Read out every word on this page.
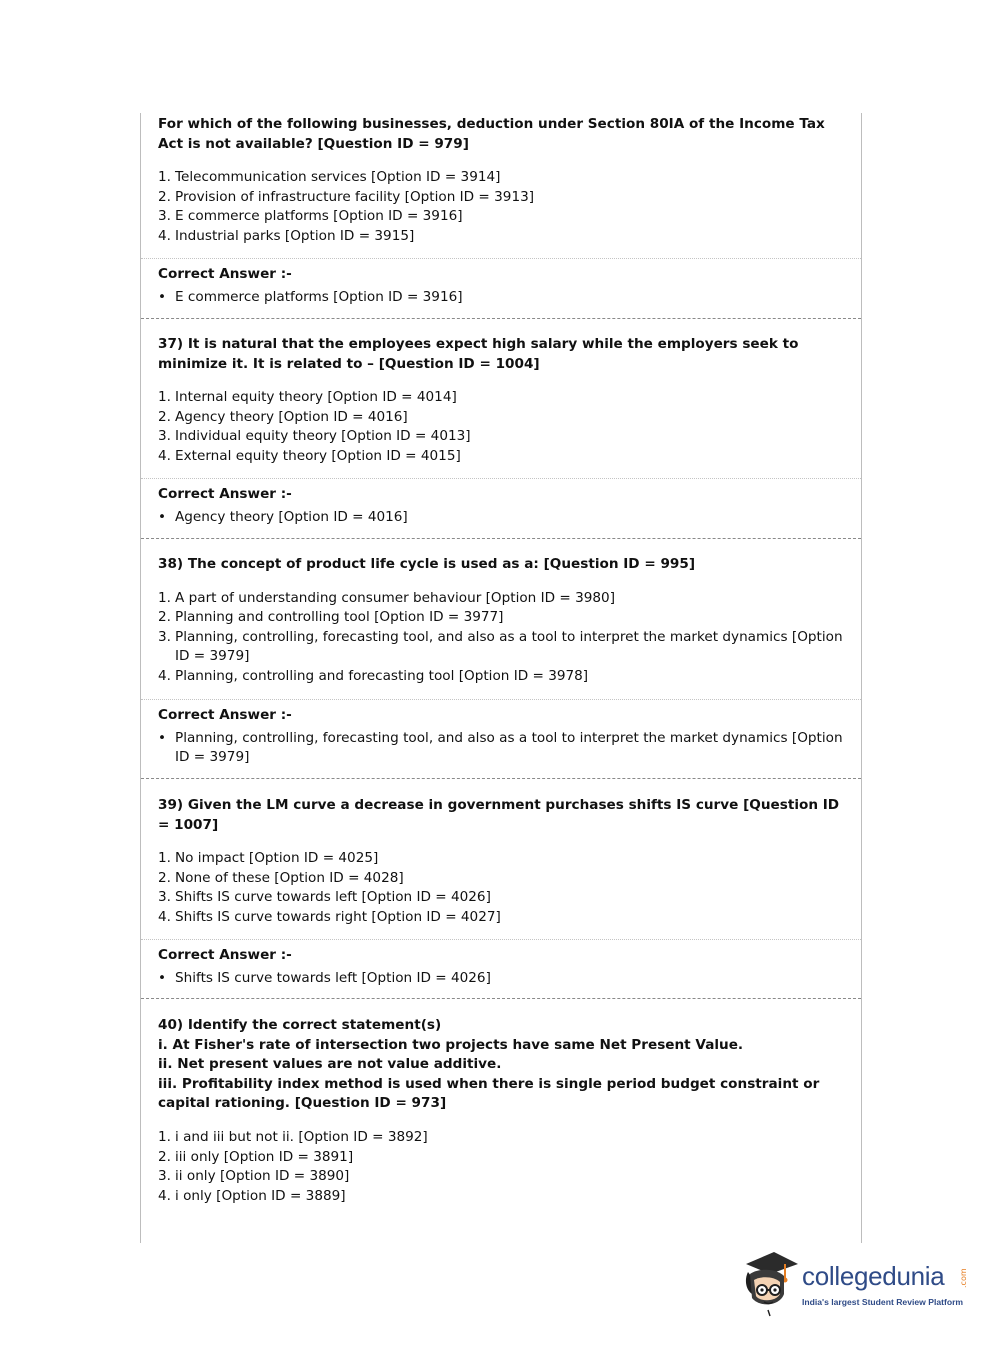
For which of the following businesses, deduction under Section 80IA of the Income Tax Act is not available? [Question ID = 979]

1. Telecommunication services [Option ID = 3914]
2. Provision of infrastructure facility [Option ID = 3913]
3. E commerce platforms [Option ID = 3916]
4. Industrial parks [Option ID = 3915]
Correct Answer :-
• E commerce platforms [Option ID = 3916]

37) It is natural that the employees expect high salary while the employers seek to minimize it. It is related to – [Question ID = 1004]

1. Internal equity theory [Option ID = 4014]
2. Agency theory [Option ID = 4016]
3. Individual equity theory [Option ID = 4013]
4. External equity theory [Option ID = 4015]
Correct Answer :-
• Agency theory [Option ID = 4016]

38) The concept of product life cycle is used as a: [Question ID = 995]

1. A part of understanding consumer behaviour [Option ID = 3980]
2. Planning and controlling tool [Option ID = 3977]
3. Planning, controlling, forecasting tool, and also as a tool to interpret the market dynamics [Option ID = 3979]
4. Planning, controlling and forecasting tool [Option ID = 3978]
Correct Answer :-
• Planning, controlling, forecasting tool, and also as a tool to interpret the market dynamics [Option ID = 3979]

39) Given the LM curve a decrease in government purchases shifts IS curve [Question ID = 1007]

1. No impact [Option ID = 4025]
2. None of these [Option ID = 4028]
3. Shifts IS curve towards left [Option ID = 4026]
4. Shifts IS curve towards right [Option ID = 4027]
Correct Answer :-
• Shifts IS curve towards left [Option ID = 4026]

40) Identify the correct statement(s)
i. At Fisher's rate of intersection two projects have same Net Present Value.
ii. Net present values are not value additive.
iii. Profitability index method is used when there is single period budget constraint or capital rationing. [Question ID = 973]

1. i and iii but not ii. [Option ID = 3892]
2. iii only [Option ID = 3891]
3. ii only [Option ID = 3890]
4. i only [Option ID = 3889]
collegedunia .com
India's largest Student Review Platform
